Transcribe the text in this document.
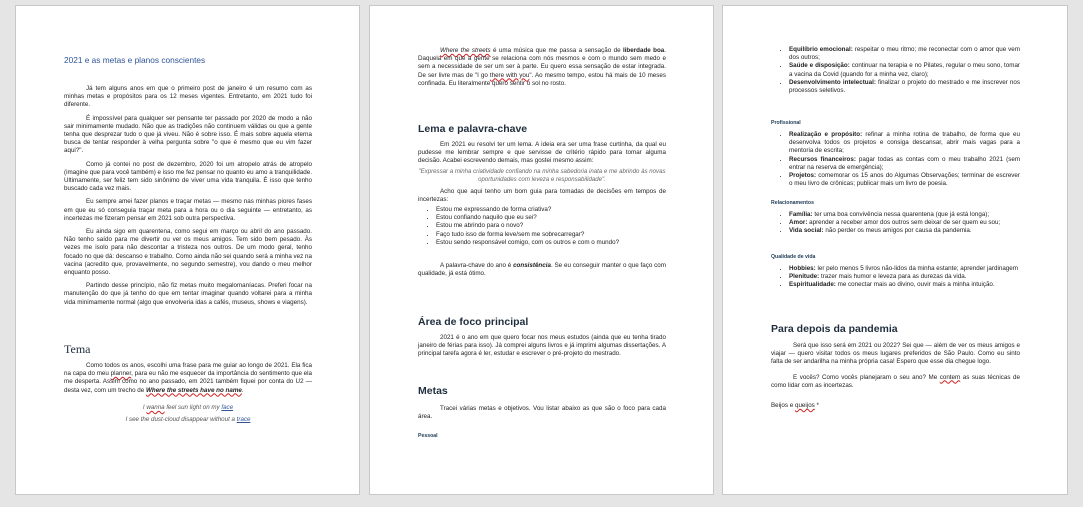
2021 e as metas e planos conscientes

Já tem alguns anos em que o primeiro post de janeiro é um resumo com as minhas metas e propósitos para os 12 meses vigentes. Entretanto, em 2021 tudo foi diferente.

É impossível para qualquer ser pensante ter passado por 2020 de modo a não sair minimamente mudado. Não que as tradições não continuem válidas ou que a gente tenha que desprezar tudo o que já viveu. Não é sobre isso. É mais sobre aquela eterna busca de tentar responder à velha pergunta sobre "o que é mesmo que eu vim fazer aqui?".

Como já contei no post de dezembro, 2020 foi um atropelo atrás de atropelo (imagine que para você também) e isso me fez pensar no quanto eu amo a tranquilidade. Ultimamente, ser feliz tem sido sinônimo de viver uma vida tranquila. É isso que tenho buscado cada vez mais.

Eu sempre amei fazer planos e traçar metas — mesmo nas minhas piores fases em que eu só conseguia traçar meta para a hora ou o dia seguinte — entretanto, as incertezas me fizeram pensar em 2021 sob outra perspectiva.

Eu ainda sigo em quarentena, como segui em março ou abril do ano passado. Não tenho saído para me divertir ou ver os meus amigos. Tem sido bem pesado. Às vezes me isolo para não descontar a tristeza nos outros. De um modo geral, tenho focado no que dá: descanso e trabalho. Como ainda não sei quando será a minha vez na vacina (acredito que, provavelmente, no segundo semestre), vou dando o meu melhor enquanto posso.

Partindo desse princípio, não fiz metas muito megalomaníacas. Preferi focar na manutenção do que já tenho do que em tentar imaginar quando voltarei para a minha vida minimamente normal (algo que envolveria idas a cafés, museus, shows e viagens).

Tema

Como todos os anos, escolhi uma frase para me guiar ao longo de 2021. Ela fica na capa do meu planner, para eu não me esquecer da importância do sentimento que ela me desperta. Assim como no ano passado, em 2021 também fiquei por conta do U2 — desta vez, com um trecho de Where the streets have no name.

I wanna feel sun light on my face
I see the dust-cloud disappear without a trace

Where the streets é uma música que me passa a sensação de liberdade boa. Daquela em que a gente se relaciona com nós mesmos e com o mundo sem medo e sem a necessidade de ser um ser à parte. Eu quero essa sensação de estar integrada. De ser livre mas de "I go there with you". Ao mesmo tempo, estou há mais de 10 meses confinada. Eu literalmente quero sentir o sol no rosto.

Lema e palavra-chave

Em 2021 eu resolvi ter um lema. A ideia era ser uma frase curtinha, da qual eu pudesse me lembrar sempre e que servisse de critério rápido para tomar alguma decisão. Acabei escrevendo demais, mas gostei mesmo assim:

"Expressar a minha criatividade confiando na minha sabedoria inata e me abrindo às novas oportunidades com leveza e responsabilidade".

Acho que aqui tenho um bom guia para tomadas de decisões em tempos de incertezas:

• Estou me expressando de forma criativa?
• Estou confiando naquilo que eu sei?
• Estou me abrindo para o novo?
• Faço tudo isso de forma leve/sem me sobrecarregar?
• Estou sendo responsável comigo, com os outros e com o mundo?

A palavra-chave do ano é consistência. Se eu conseguir manter o que faço com qualidade, já está ótimo.

Área de foco principal

2021 é o ano em que quero focar nos meus estudos (ainda que eu tenha tirado janeiro de férias para isso). Já comprei alguns livros e já imprimi algumas dissertações. A principal tarefa agora é ler, estudar e escrever o pré-projeto do mestrado.

Metas

Tracei várias metas e objetivos. Vou listar abaixo as que são o foco para cada área.

Pessoal
• Equilíbrio emocional: respeitar o meu ritmo; me reconectar com o amor que vem dos outros;
• Saúde e disposição: continuar na terapia e no Pilates, regular o meu sono, tomar a vacina da Covid (quando for a minha vez, claro);
• Desenvolvimento intelectual: finalizar o projeto do mestrado e me inscrever nos processos seletivos.
Profissional
• Realização e propósito: refinar a minha rotina de trabalho, de forma que eu desenvolva todos os projetos e consiga descansar, abrir mais vagas para a mentoria de escrita;
• Recursos financeiros: pagar todas as contas com o meu trabalho 2021 (sem entrar na reserva de emergência);
• Projetos: comemorar os 15 anos do Algumas Observações; terminar de escrever o meu livro de crônicas; publicar mais um livro de poesia.
Relacionamentos
• Família: ter uma boa convivência nessa quarentena (que já está longa);
• Amor: aprender a receber amor dos outros sem deixar de ser quem eu sou;
• Vida social: não perder os meus amigos por causa da pandemia.
Qualidade de vida
• Hobbies: ler pelo menos 5 livros não-lidos da minha estante; aprender jardinagem
• Plenitude: trazer mais humor e leveza para as durezas da vida.
• Espiritualidade: me conectar mais ao divino, ouvir mais a minha intuição.
Para depois da pandemia

Será que isso será em 2021 ou 2022? Sei que — além de ver os meus amigos e viajar — quero visitar todos os meus lugares preferidos de São Paulo. Como eu sinto falta de ser andarilha na minha própria casa! Espero que esse dia chegue logo.

E vocês? Como vocês planejaram o seu ano? Me contem as suas técnicas de como lidar com as incertezas.

Beijos e queijos *
